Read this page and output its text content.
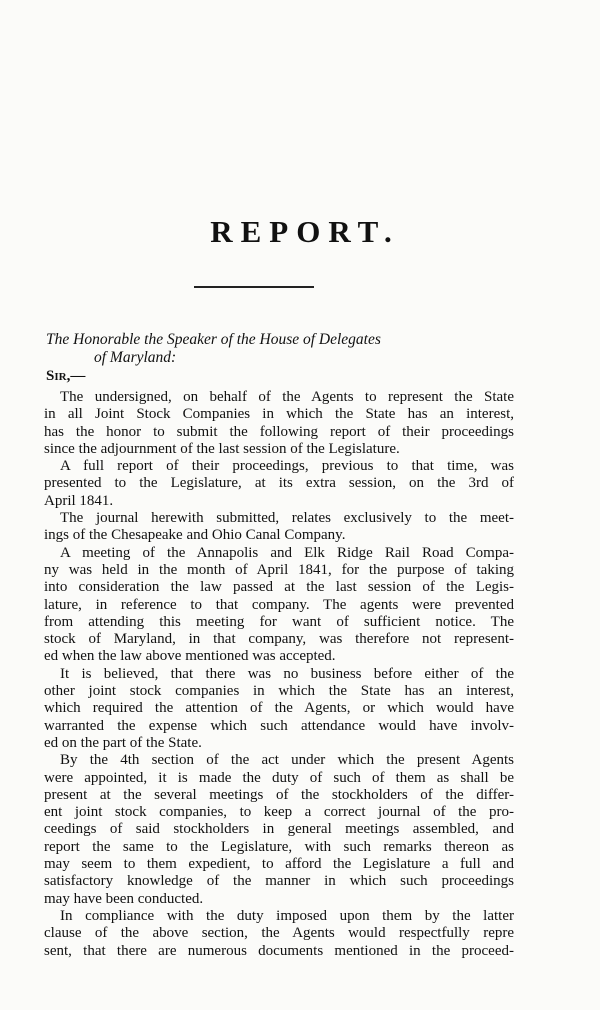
REPORT.
The Honorable the Speaker of the House of Delegates
of Maryland:
Sir,—
The undersigned, on behalf of the Agents to represent the State
in all Joint Stock Companies in which the State has an interest,
has the honor to submit the following report of their proceedings
since the adjournment of the last session of the Legislature.
A full report of their proceedings, previous to that time, was
presented to the Legislature, at its extra session, on the 3rd of
April 1841.
The journal herewith submitted, relates exclusively to the meet-
ings of the Chesapeake and Ohio Canal Company.
A meeting of the Annapolis and Elk Ridge Rail Road Compa-
ny was held in the month of April 1841, for the purpose of taking
into consideration the law passed at the last session of the Legis-
lature, in reference to that company. The agents were prevented
from attending this meeting for want of sufficient notice. The
stock of Maryland, in that company, was therefore not represent-
ed when the law above mentioned was accepted.
It is believed, that there was no business before either of the
other joint stock companies in which the State has an interest,
which required the attention of the Agents, or which would have
warranted the expense which such attendance would have involv-
ed on the part of the State.
By the 4th section of the act under which the present Agents
were appointed, it is made the duty of such of them as shall be
present at the several meetings of the stockholders of the differ-
ent joint stock companies, to keep a correct journal of the pro-
ceedings of said stockholders in general meetings assembled, and
report the same to the Legislature, with such remarks thereon as
may seem to them expedient, to afford the Legislature a full and
satisfactory knowledge of the manner in which such proceedings
may have been conducted.
In compliance with the duty imposed upon them by the latter
clause of the above section, the Agents would respectfully repre
sent, that there are numerous documents mentioned in the proceed-
